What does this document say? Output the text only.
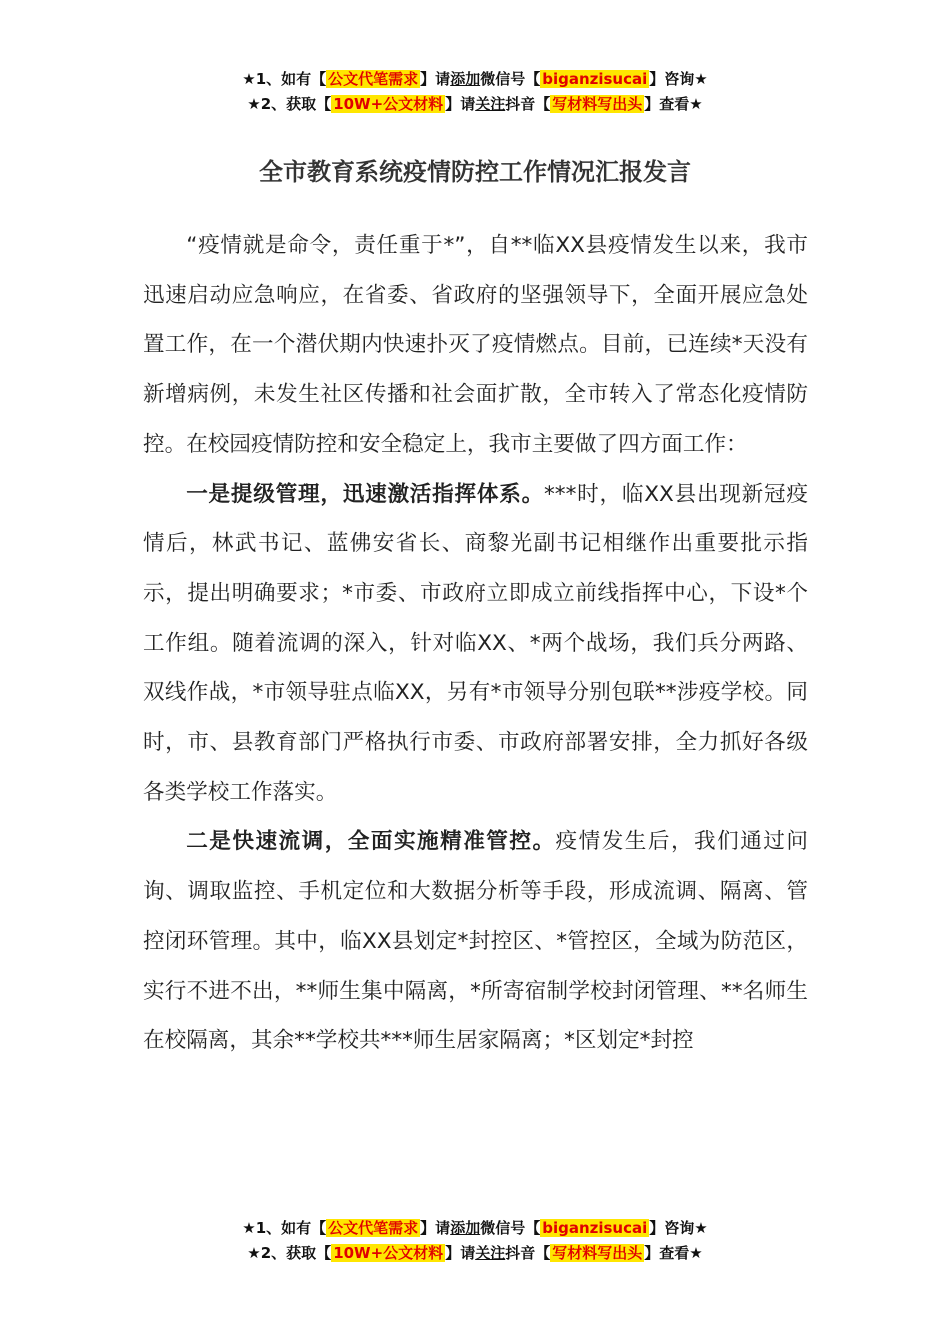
★1、如有【 公文代笔需求 】请添加微信号【 biganzisucai 】咨询★
★2、获取【 10W+公文材料 】请关注抖音【 写材料写出头 】查看★
全市教育系统疫情防控工作情况汇报发言

“疫情就是命令，责任重于*”，自**临XX县疫情发生以来，我市迅速启动应急响应，在省委、省政府的坚强领导下，全面开展应急处置工作，在一个潜伏期内快速扑灭了疫情燃点。目前，已连续*天没有新增病例，未发生社区传播和社会面扩散，全市转入了常态化疫情防控。在校园疫情防控和安全稳定上，我市主要做了四方面工作：

一是提级管理，迅速激活指挥体系。***时，临XX县出现新冠疫情后，林武书记、蓝佛安省长、商黎光副书记相继作出重要批示指示，提出明确要求；*市委、市政府立即成立前线指挥中心，下设*个工作组。随着流调的深入，针对临XX、*两个战场，我们兵分两路、双线作战，*市领导驻点临XX，另有*市领导分别包联**涉疫学校。同时，市、县教育部门严格执行市委、市政府部署安排，全力抓好各级各类学校工作落实。

二是快速流调，全面实施精准管控。疫情发生后，我们通过问询、调取监控、手机定位和大数据分析等手段，形成流调、隔离、管控闭环管理。其中，临XX县划定*封控区、*管控区，全域为防范区，实行不进不出，**师生集中隔离，*所寄宿制学校封闭管理、**名师生在校隔离，其余**学校共***师生居家隔离；*区划定*封控

★1、如有【 公文代笔需求 】请添加微信号【 biganzisucai 】咨询★
★2、获取【 10W+公文材料 】请关注抖音【 写材料写出头 】查看★
